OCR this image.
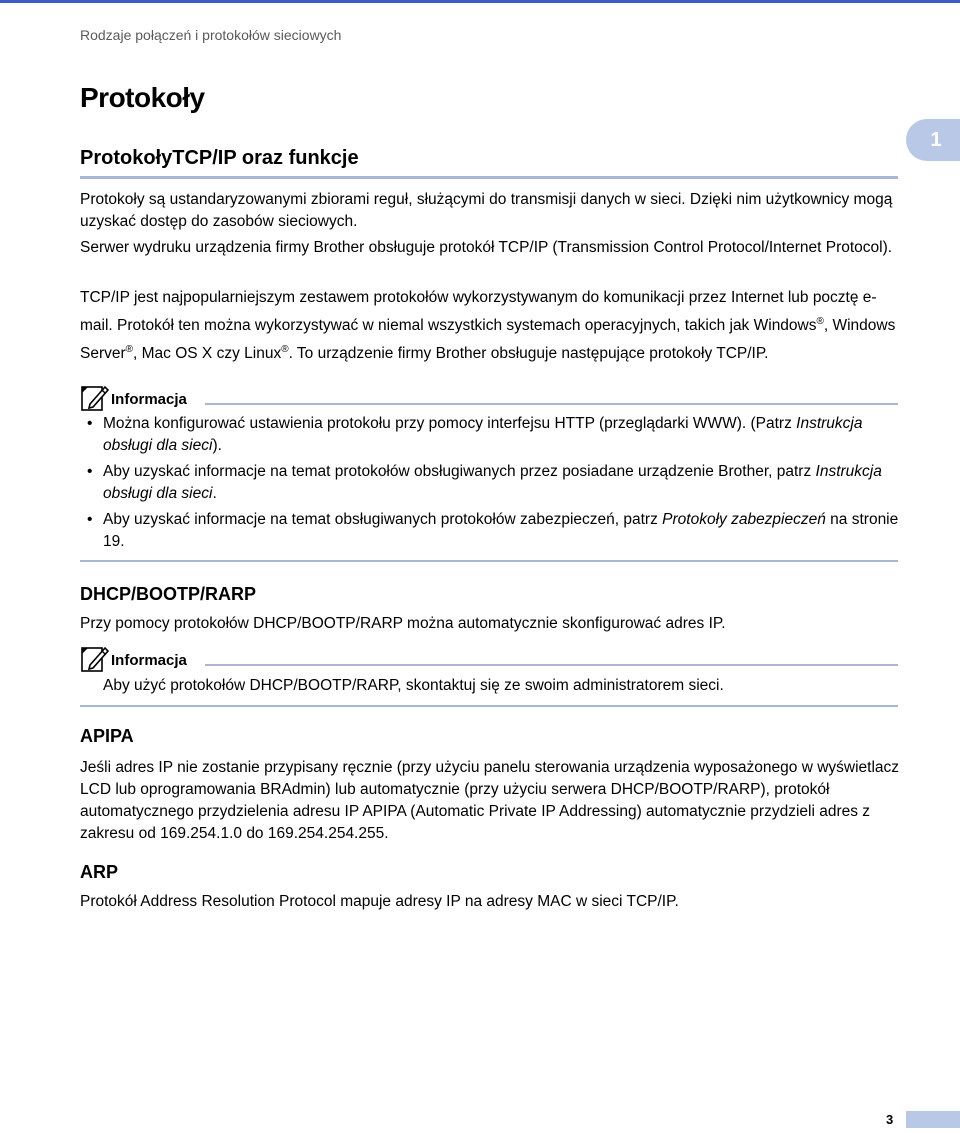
Rodzaje połączeń i protokołów sieciowych
1
Protokoły
ProtokołyTCP/IP oraz funkcje

Protokoły są ustandaryzowanymi zbiorami reguł, służącymi do transmisji danych w sieci. Dzięki nim użytkownicy mogą uzyskać dostęp do zasobów sieciowych.

Serwer wydruku urządzenia firmy Brother obsługuje protokół TCP/IP (Transmission Control Protocol/Internet Protocol).

TCP/IP jest najpopularniejszym zestawem protokołów wykorzystywanym do komunikacji przez Internet lub pocztę e-mail. Protokół ten można wykorzystywać w niemal wszystkich systemach operacyjnych, takich jak Windows®, Windows Server®, Mac OS X czy Linux®. To urządzenie firmy Brother obsługuje następujące protokoły TCP/IP.

Informacja
• Można konfigurować ustawienia protokołu przy pomocy interfejsu HTTP (przeglądarki WWW). (Patrz Instrukcja obsługi dla sieci).
• Aby uzyskać informacje na temat protokołów obsługiwanych przez posiadane urządzenie Brother, patrz Instrukcja obsługi dla sieci.
• Aby uzyskać informacje na temat obsługiwanych protokołów zabezpieczeń, patrz Protokoły zabezpieczeń na stronie 19.
DHCP/BOOTP/RARP

Przy pomocy protokołów DHCP/BOOTP/RARP można automatycznie skonfigurować adres IP.

Informacja
Aby użyć protokołów DHCP/BOOTP/RARP, skontaktuj się ze swoim administratorem sieci.
APIPA

Jeśli adres IP nie zostanie przypisany ręcznie (przy użyciu panelu sterowania urządzenia wyposażonego w wyświetlacz LCD lub oprogramowania BRAdmin) lub automatycznie (przy użyciu serwera DHCP/BOOTP/RARP), protokół automatycznego przydzielenia adresu IP APIPA (Automatic Private IP Addressing) automatycznie przydzieli adres z zakresu od 169.254.1.0 do 169.254.254.255.

ARP

Protokół Address Resolution Protocol mapuje adresy IP na adresy MAC w sieci TCP/IP.

3
